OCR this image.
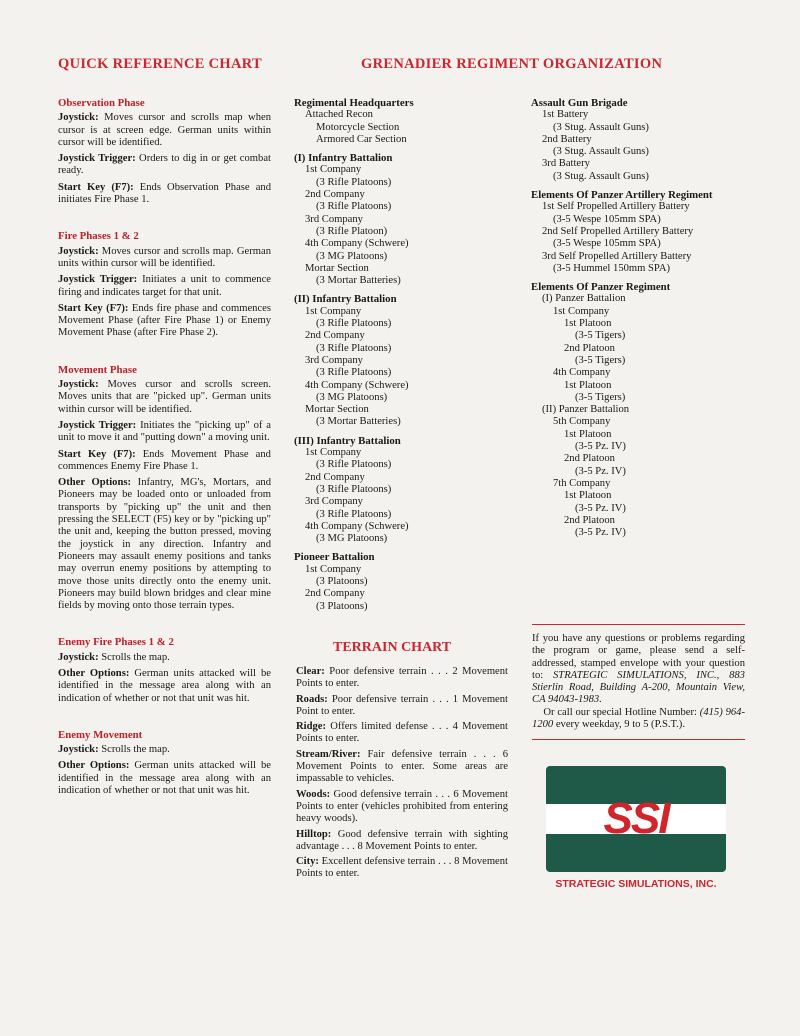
QUICK REFERENCE CHART	GRENADIER REGIMENT ORGANIZATION
Observation Phase
Joystick: Moves cursor and scrolls map when cursor is at screen edge. German units within cursor will be identified.
Joystick Trigger: Orders to dig in or get combat ready.
Start Key (F7): Ends Observation Phase and initiates Fire Phase 1.
Fire Phases 1 & 2
Joystick: Moves cursor and scrolls map. German units within cursor will be identified.
Joystick Trigger: Initiates a unit to commence firing and indicates target for that unit.
Start Key (F7): Ends fire phase and commences Movement Phase (after Fire Phase 1) or Enemy Movement Phase (after Fire Phase 2).
Movement Phase
Joystick: Moves cursor and scrolls screen. Moves units that are "picked up". German units within cursor will be identified.
Joystick Trigger: Initiates the "picking up" of a unit to move it and "putting down" a moving unit.
Start Key (F7): Ends Movement Phase and commences Enemy Fire Phase 1.
Other Options: Infantry, MG's, Mortars, and Pioneers may be loaded onto or unloaded from transports by "picking up" the unit and then pressing the SELECT (F5) key or by "picking up" the unit and, keeping the button pressed, moving the joystick in any direction. Infantry and Pioneers may assault enemy positions and tanks may overrun enemy positions by attempting to move those units directly onto the enemy unit. Pioneers may build blown bridges and clear mine fields by moving onto those terrain types.
Enemy Fire Phases 1 & 2
Joystick: Scrolls the map.
Other Options: German units attacked will be identified in the message area along with an indication of whether or not that unit was hit.
Enemy Movement
Joystick: Scrolls the map.
Other Options: German units attacked will be identified in the message area along with an indication of whether or not that unit was hit.
Regimental Headquarters
Attached Recon
Motorcycle Section
Armored Car Section
(I) Infantry Battalion
1st Company
(3 Rifle Platoons)
2nd Company
(3 Rifle Platoons)
3rd Company
(3 Rifle Platoon)
4th Company (Schwere)
(3 MG Platoons)
Mortar Section
(3 Mortar Batteries)
(II) Infantry Battalion
1st Company
(3 Rifle Platoons)
2nd Company
(3 Rifle Platoons)
3rd Company
(3 Rifle Platoons)
4th Company (Schwere)
(3 MG Platoons)
Mortar Section
(3 Mortar Batteries)
(III) Infantry Battalion
1st Company
(3 Rifle Platoons)
2nd Company
(3 Rifle Platoons)
3rd Company
(3 Rifle Platoons)
4th Company (Schwere)
(3 MG Platoons)
Pioneer Battalion
1st Company
(3 Platoons)
2nd Company
(3 Platoons)
Assault Gun Brigade
1st Battery
(3 Stug. Assault Guns)
2nd Battery
(3 Stug. Assault Guns)
3rd Battery
(3 Stug. Assault Guns)
Elements Of Panzer Artillery Regiment
1st Self Propelled Artillery Battery
(3-5 Wespe 105mm SPA)
2nd Self Propelled Artillery Battery
(3-5 Wespe 105mm SPA)
3rd Self Propelled Artillery Battery
(3-5 Hummel 150mm SPA)
Elements Of Panzer Regiment
(I) Panzer Battalion
1st Company
1st Platoon
(3-5 Tigers)
2nd Platoon
(3-5 Tigers)
4th Company
1st Platoon
(3-5 Tigers)
(II) Panzer Battalion
5th Company
1st Platoon
(3-5 Pz. IV)
2nd Platoon
(3-5 Pz. IV)
7th Company
1st Platoon
(3-5 Pz. IV)
2nd Platoon
(3-5 Pz. IV)
TERRAIN CHART
Clear: Poor defensive terrain . . . 2 Movement Points to enter.
Roads: Poor defensive terrain . . . 1 Movement Point to enter.
Ridge: Offers limited defense . . . 4 Movement Points to enter.
Stream/River: Fair defensive terrain . . . 6 Movement Points to enter. Some areas are impassable to vehicles.
Woods: Good defensive terrain . . . 6 Movement Points to enter (vehicles prohibited from entering heavy woods).
Hilltop: Good defensive terrain with sighting advantage . . . 8 Movement Points to enter.
City: Excellent defensive terrain . . . 8 Movement Points to enter.
If you have any questions or problems regarding the program or game, please send a self-addressed, stamped envelope with your question to: STRATEGIC SIMULATIONS, INC., 883 Stierlin Road, Building A-200, Mountain View, CA 94043-1983.
Or call our special Hotline Number: (415) 964-1200 every weekday, 9 to 5 (P.S.T.).
SSI
STRATEGIC SIMULATIONS, INC.
